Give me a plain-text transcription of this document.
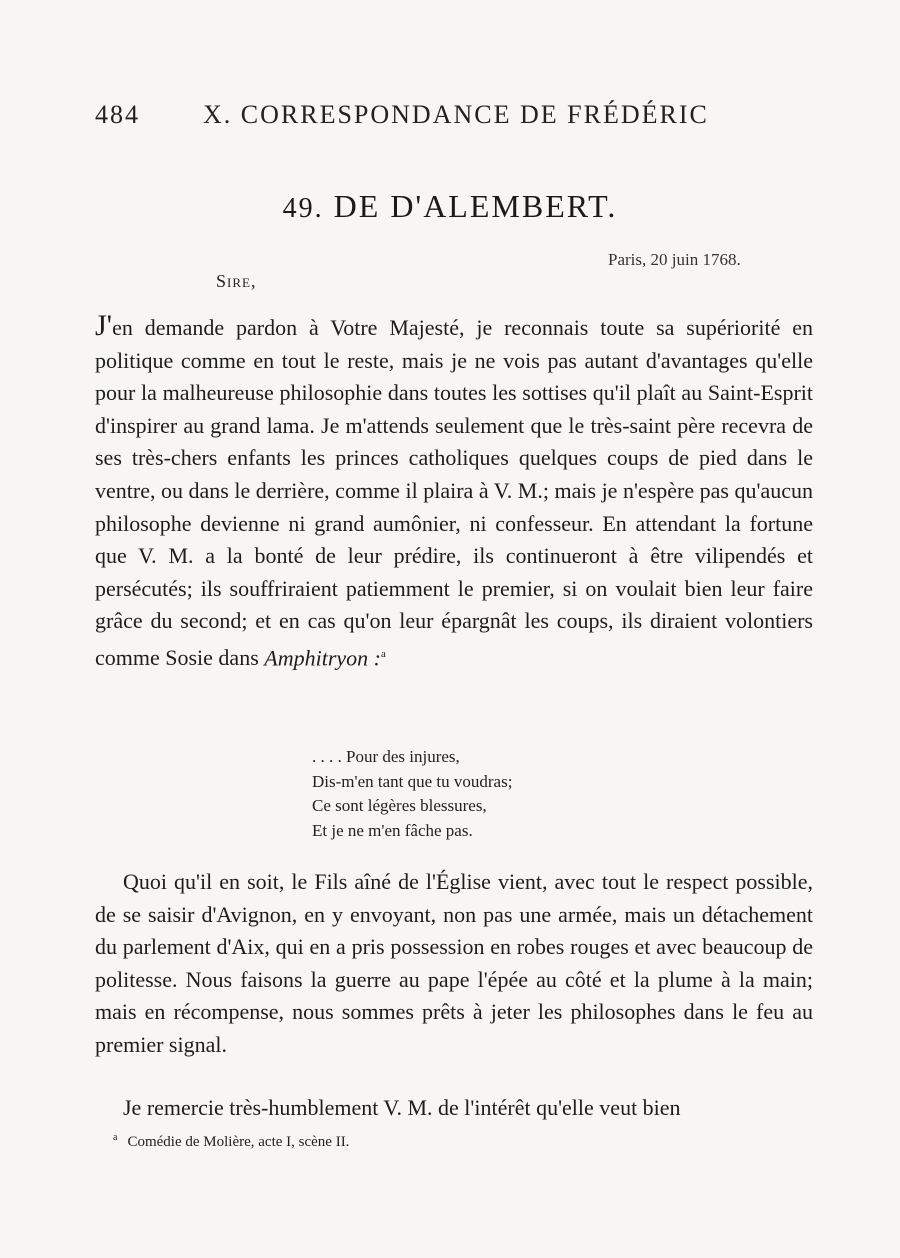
484 X. CORRESPONDANCE DE FRÉDÉRIC
49. DE D'ALEMBERT.
Paris, 20 juin 1768.
Sire,

J'en demande pardon à Votre Majesté, je reconnais toute sa supériorité en politique comme en tout le reste, mais je ne vois pas autant d'avantages qu'elle pour la malheureuse philosophie dans toutes les sottises qu'il plaît au Saint-Esprit d'inspirer au grand lama. Je m'attends seulement que le très-saint père recevra de ses très-chers enfants les princes catholiques quelques coups de pied dans le ventre, ou dans le derrière, comme il plaira à V. M.; mais je n'espère pas qu'aucun philosophe devienne ni grand aumônier, ni confesseur. En attendant la fortune que V. M. a la bonté de leur prédire, ils continueront à être vilipendés et persécutés; ils souffriraient patiemment le premier, si on voulait bien leur faire grâce du second; et en cas qu'on leur épargnât les coups, ils diraient volontiers comme Sosie dans Amphitryon :$^a$

. . . . Pour des injures,
Dis-m'en tant que tu voudras;
Ce sont légères blessures,
Et je ne m'en fâche pas.

Quoi qu'il en soit, le Fils aîné de l'Église vient, avec tout le respect possible, de se saisir d'Avignon, en y envoyant, non pas une armée, mais un détachement du parlement d'Aix, qui en a pris possession en robes rouges et avec beaucoup de politesse. Nous faisons la guerre au pape l'épée au côté et la plume à la main; mais en récompense, nous sommes prêts à jeter les philosophes dans le feu au premier signal.

Je remercie très-humblement V. M. de l'intérêt qu'elle veut bien

$^a$ Comédie de Molière, acte I, scène II.
